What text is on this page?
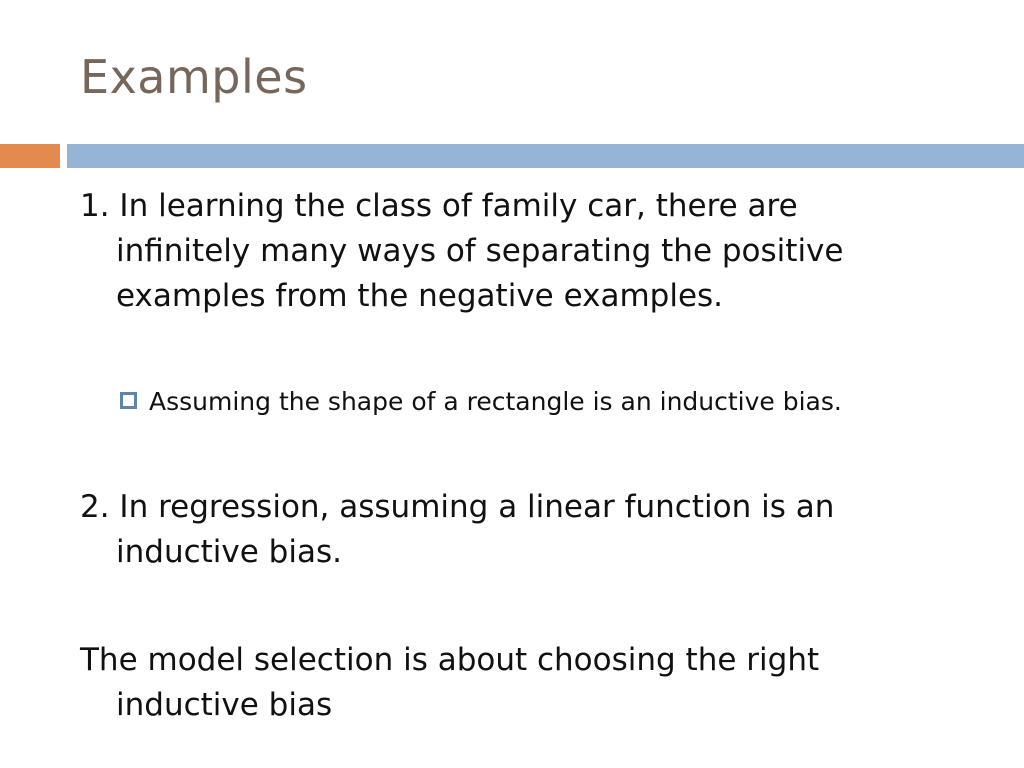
Examples
1. In learning the class of family car, there are
infinitely many ways of separating the positive
examples from the negative examples.
Assuming the shape of a rectangle is an inductive bias.
2. In regression, assuming a linear function is an
inductive bias.
The model selection is about choosing the right
inductive bias
